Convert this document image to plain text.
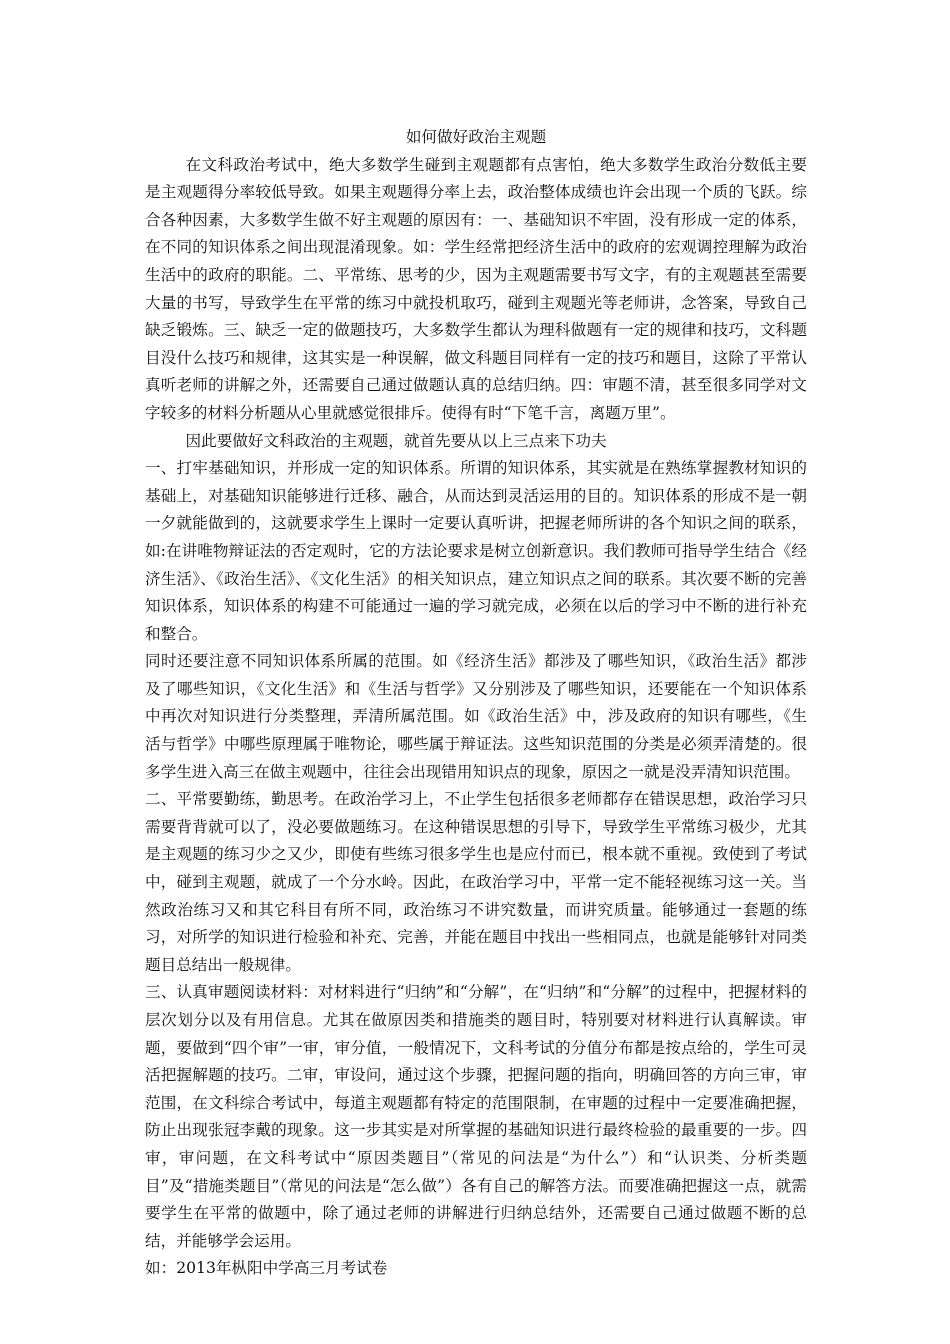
如何做好政治主观题

在文科政治考试中，绝大多数学生碰到主观题都有点害怕，绝大多数学生政治分数低主要是主观题得分率较低导致。如果主观题得分率上去，政治整体成绩也许会出现一个质的飞跃。综合各种因素，大多数学生做不好主观题的原因有：一、基础知识不牢固，没有形成一定的体系，在不同的知识体系之间出现混淆现象。如：学生经常把经济生活中的政府的宏观调控理解为政治生活中的政府的职能。二、平常练、思考的少，因为主观题需要书写文字，有的主观题甚至需要大量的书写，导致学生在平常的练习中就投机取巧，碰到主观题光等老师讲，念答案，导致自己缺乏锻炼。三、缺乏一定的做题技巧，大多数学生都认为理科做题有一定的规律和技巧，文科题目没什么技巧和规律，这其实是一种误解，做文科题目同样有一定的技巧和题目，这除了平常认真听老师的讲解之外，还需要自己通过做题认真的总结归纳。四：审题不清，甚至很多同学对文字较多的材料分析题从心里就感觉很排斥。使得有时“下笔千言，离题万里”。

因此要做好文科政治的主观题，就首先要从以上三点来下功夫

一、打牢基础知识，并形成一定的知识体系。所谓的知识体系，其实就是在熟练掌握教材知识的基础上，对基础知识能够进行迁移、融合，从而达到灵活运用的目的。知识体系的形成不是一朝一夕就能做到的，这就要求学生上课时一定要认真听讲，把握老师所讲的各个知识之间的联系，如:在讲唯物辩证法的否定观时，它的方法论要求是树立创新意识。我们教师可指导学生结合《经济生活》、《政治生活》、《文化生活》的相关知识点，建立知识点之间的联系。其次要不断的完善知识体系，知识体系的构建不可能通过一遍的学习就完成，必须在以后的学习中不断的进行补充和整合。

同时还要注意不同知识体系所属的范围。如《经济生活》都涉及了哪些知识，《政治生活》都涉及了哪些知识，《文化生活》和《生活与哲学》又分别涉及了哪些知识，还要能在一个知识体系中再次对知识进行分类整理，弄清所属范围。如《政治生活》中，涉及政府的知识有哪些，《生活与哲学》中哪些原理属于唯物论，哪些属于辩证法。这些知识范围的分类是必须弄清楚的。很多学生进入高三在做主观题中，往往会出现错用知识点的现象，原因之一就是没弄清知识范围。

二、平常要勤练，勤思考。在政治学习上，不止学生包括很多老师都存在错误思想，政治学习只需要背背就可以了，没必要做题练习。在这种错误思想的引导下，导致学生平常练习极少，尤其是主观题的练习少之又少，即使有些练习很多学生也是应付而已，根本就不重视。致使到了考试中，碰到主观题，就成了一个分水岭。因此，在政治学习中，平常一定不能轻视练习这一关。当然政治练习又和其它科目有所不同，政治练习不讲究数量，而讲究质量。能够通过一套题的练习，对所学的知识进行检验和补充、完善，并能在题目中找出一些相同点，也就是能够针对同类题目总结出一般规律。

三、认真审题阅读材料：对材料进行“归纳”和“分解”，在“归纳”和“分解”的过程中，把握材料的层次划分以及有用信息。尤其在做原因类和措施类的题目时，特别要对材料进行认真解读。审题，要做到“四个审”一审，审分值，一般情况下，文科考试的分值分布都是按点给的，学生可灵活把握解题的技巧。二审，审设问，通过这个步骤，把握问题的指向，明确回答的方向三审，审范围，在文科综合考试中，每道主观题都有特定的范围限制，在审题的过程中一定要准确把握，防止出现张冠李戴的现象。这一步其实是对所掌握的基础知识进行最终检验的最重要的一步。四审，审问题，在文科考试中“原因类题目”（常见的问法是“为什么”）和“认识类、分析类题目”及“措施类题目”（常见的问法是“怎么做”）各有自己的解答方法。而要准确把握这一点，就需要学生在平常的做题中，除了通过老师的讲解进行归纳总结外，还需要自己通过做题不断的总结，并能够学会运用。

如：2013年枞阳中学高三月考试卷
